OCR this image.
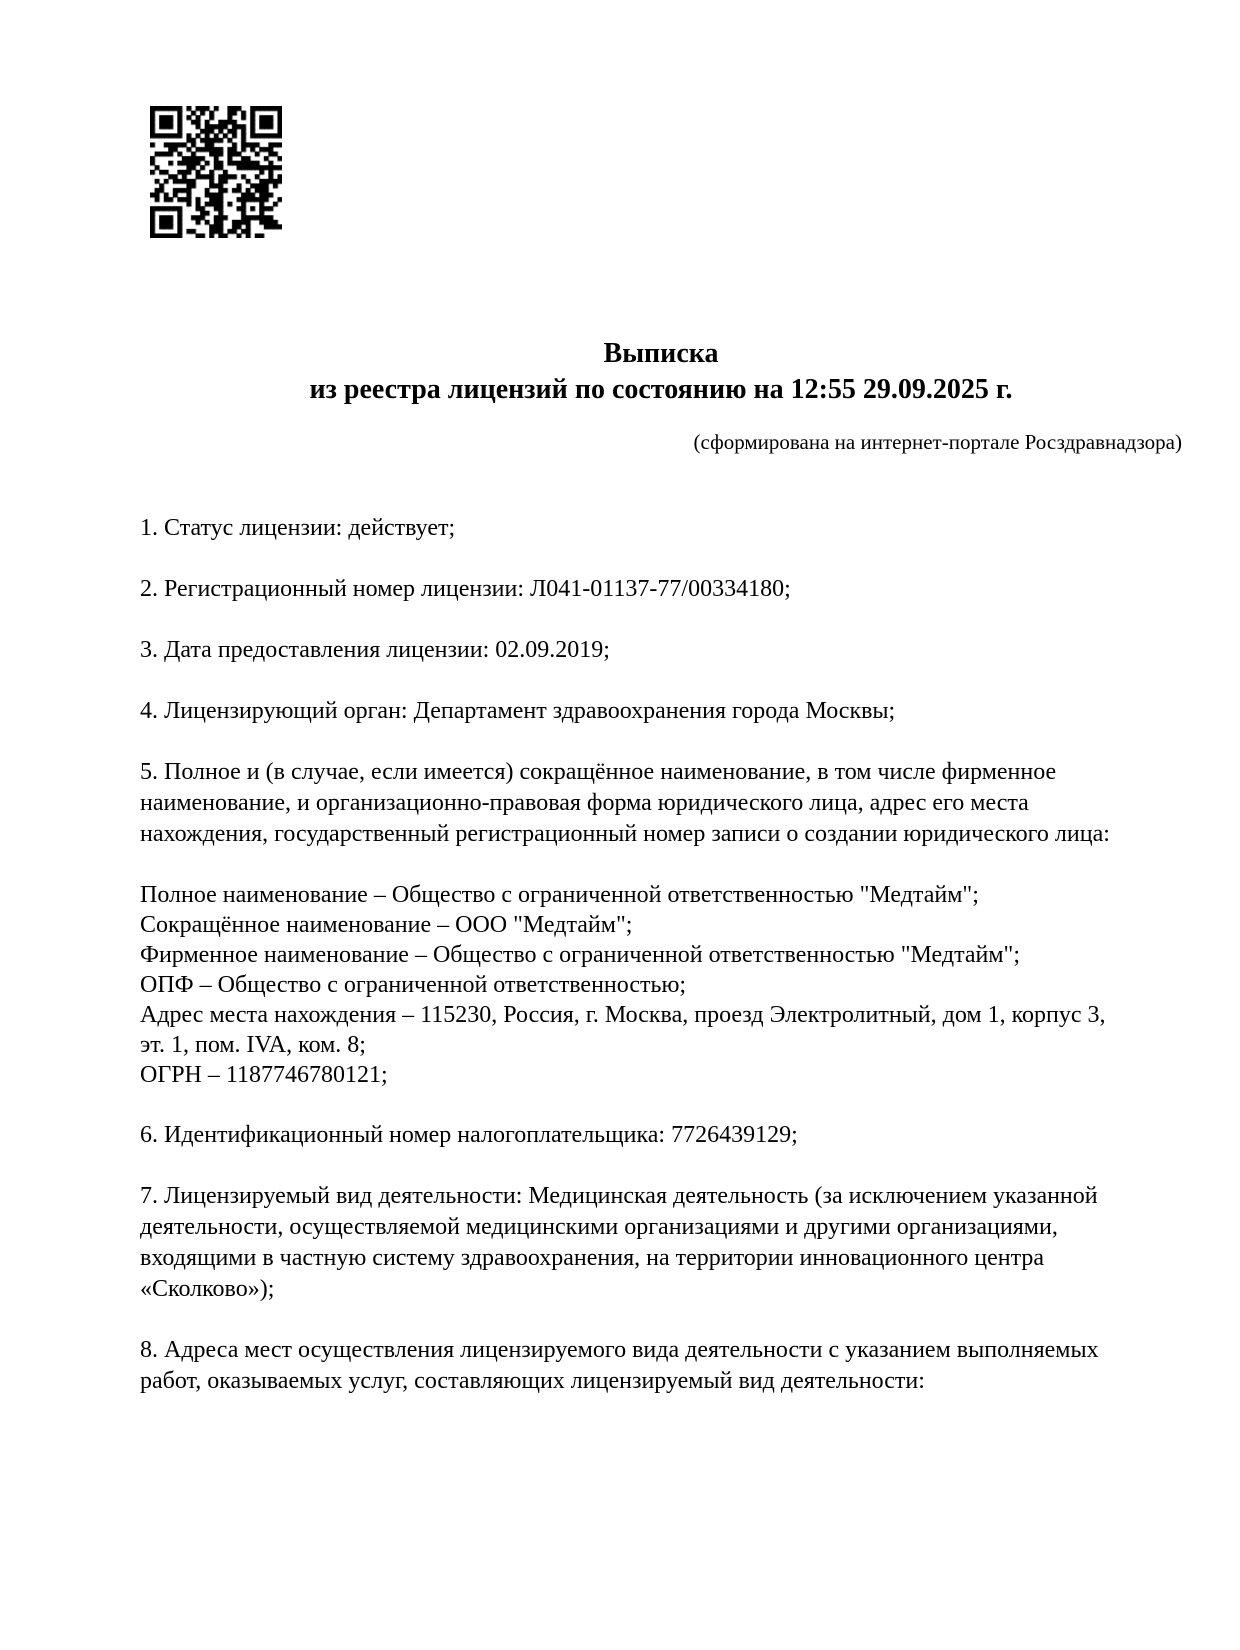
Выписка
из реестра лицензий по состоянию на 12:55 29.09.2025 г.
(сформирована на интернет-портале Росздравнадзора)
1. Статус лицензии: действует;
2. Регистрационный номер лицензии: Л041-01137-77/00334180;
3. Дата предоставления лицензии: 02.09.2019;
4. Лицензирующий орган: Департамент здравоохранения города Москвы;
5. Полное и (в случае, если имеется) сокращённое наименование, в том числе фирменное наименование, и организационно-правовая форма юридического лица, адрес его места нахождения, государственный регистрационный номер записи о создании юридического лица:
Полное наименование – Общество с ограниченной ответственностью "Медтайм";
Сокращённое наименование – ООО "Медтайм";
Фирменное наименование – Общество с ограниченной ответственностью "Медтайм";
ОПФ – Общество с ограниченной ответственностью;
Адрес места нахождения – 115230, Россия, г. Москва, проезд Электролитный, дом 1, корпус 3,
эт. 1, пом. IVA, ком. 8;
ОГРН – 1187746780121;
6. Идентификационный номер налогоплательщика: 7726439129;
7. Лицензируемый вид деятельности: Медицинская деятельность (за исключением указанной деятельности, осуществляемой медицинскими организациями и другими организациями, входящими в частную систему здравоохранения, на территории инновационного центра «Сколково»);
8. Адреса мест осуществления лицензируемого вида деятельности с указанием выполняемых работ, оказываемых услуг, составляющих лицензируемый вид деятельности:
